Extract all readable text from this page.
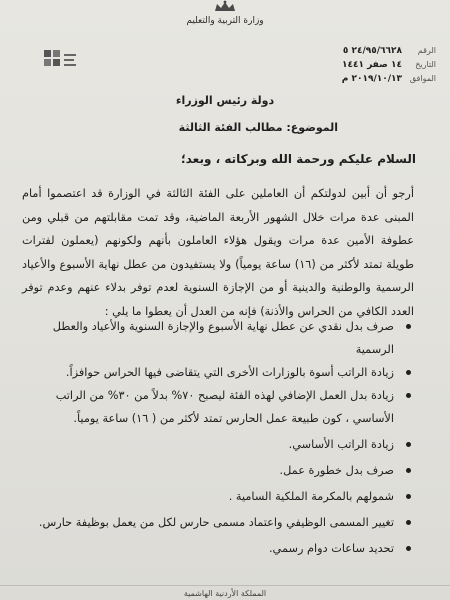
وزارة التربية والتعليم
الرقم
٢٤/٩٥/٦٦٢٨ ٥
التاريخ
١٤ صفر ١٤٤١
الموافق
٢٠١٩/١٠/١٣ م
دولة رئيس الوزراء
الموضوع: مطالب الفئة الثالثة
السلام عليكم ورحمة الله وبركاته ، وبعد؛
أرجو أن أبين لدولتكم أن العاملين على الفئة الثالثة في الوزارة قد اعتصموا أمام المبنى عدة مرات خلال الشهور الأربعة الماضية، وقد تمت مقابلتهم من قبلي ومن عطوفة الأمين عدة مرات ويقول هؤلاء العاملون بأنهم ولكونهم (يعملون لفترات طويلة تمتد لأكثر من (١٦) ساعة يومياً) ولا يستفيدون من عطل نهاية الأسبوع والأعياد الرسمية والوطنية والدينية أو من الإجازة السنوية لعدم توفر بدلاء عنهم وعدم توفر العدد الكافي من الحراس والأذنة) فإنه من العدل أن يعطوا ما يلي :
صرف بدل نقدي عن عطل نهاية الأسبوع والإجازة السنوية والأعياد والعطل الرسمية
زيادة الراتب أسوة بالوزارات الأخرى التي يتقاضى فيها الحراس حوافزاً.
زيادة بدل العمل الإضافي لهذه الفئة ليصبح ٧٠% بدلاً من ٣٠% من الراتب الأساسي ، كون طبيعة عمل الحارس تمتد لأكثر من ( ١٦) ساعة يومياً.
زيادة الراتب الأساسي.
صرف بدل خطورة عمل.
شمولهم بالمكرمة الملكية السامية .
تغيير المسمى الوظيفي واعتماد مسمى حارس لكل من يعمل بوظيفة حارس.
تحديد ساعات دوام رسمي.
المملكة الأردنية الهاشمية
